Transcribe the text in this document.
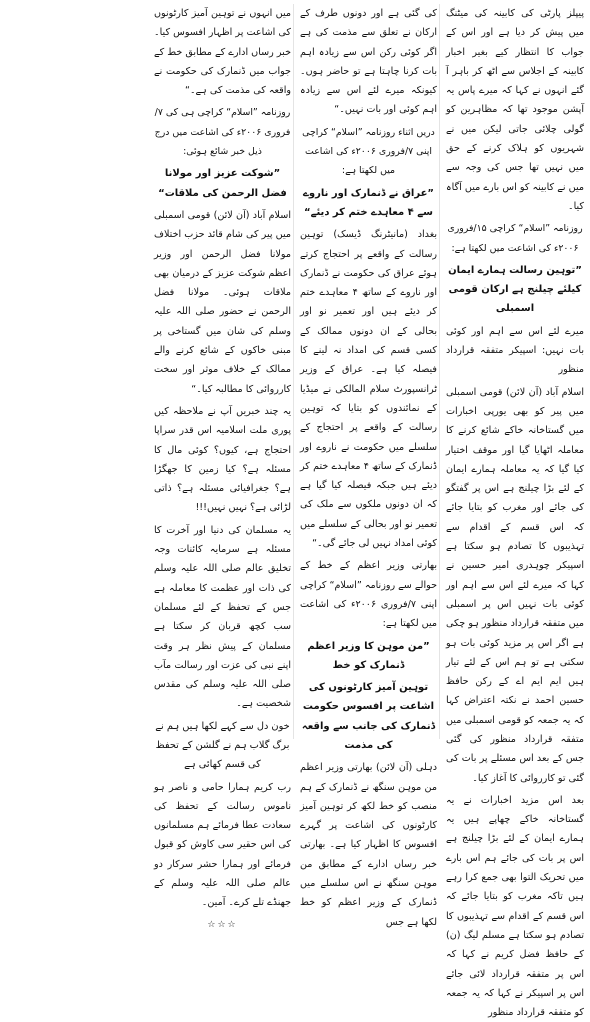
پیپلز پارٹی کی کابینہ کی میٹنگ میں پیش کر دیا ہے اور اس کے جواب کا انتظار کیے بغیر اخبار کابینہ کے اجلاس سے اٹھ کر باہر آ گئے انہوں نے کہا کہ میرے پاس یہ آپشن موجود تھا کہ مظاہرین کو گولی چلائی جاتی لیکن میں نے شہریوں کو ہلاک کرنے کے حق میں نہیں تھا جس کی وجہ سے میں نے کابینہ کو اس بارے میں آگاہ کیا۔

روزنامہ ”اسلام“ کراچی ۱۵/فروری ۲۰۰۶ء کی اشاعت میں لکھتا ہے:

”توہین رسالت ہمارے ایمان کیلئے چیلنج ہے ارکان قومی اسمبلی

میرے لئے اس سے اہم اور کوئی بات نہیں: اسپیکر متفقہ قرارداد منظور

اسلام آباد (آن لائن) قومی اسمبلی میں پیر کو بھی یورپی اخبارات میں گستاخانہ خاکے شائع کرنے کا معاملہ اٹھایا گیا اور موقف اختیار کیا گیا کہ یہ معاملہ ہمارے ایمان کے لئے بڑا چیلنج ہے اس پر گفتگو کی جائے اور مغرب کو بتایا جائے کہ اس قسم کے اقدام سے تہذیبوں کا تصادم ہو سکتا ہے اسپیکر چوہدری امیر حسین نے کہا کہ میرے لئے اس سے اہم اور کوئی بات نہیں اس پر اسمبلی میں متفقہ قرارداد منظور ہو چکی ہے اگر اس پر مزید کوئی بات ہو سکتی ہے تو ہم اس کے لئے تیار ہیں ایم ایم اے کے رکن حافظ حسین احمد نے نکتہ اعتراض کہا کہ یہ جمعہ کو قومی اسمبلی میں متفقہ قرارداد منظور کی گئی جس کے بعد اس مسئلے پر بات کی گئی تو کارروائی کا آغاز کیا۔

بعد اس مزید اخبارات نے یہ گستاخانہ خاکے چھاپے ہیں یہ ہمارے ایمان کے لئے بڑا چیلنج ہے اس پر بات کی جائے ہم اس بارے میں تحریک التوا بھی جمع کرا رہے ہیں تاکہ مغرب کو بتایا جائے کہ اس قسم کے اقدام سے تہذیبوں کا تصادم ہو سکتا ہے مسلم لیگ (ن) کے حافظ فضل کریم نے کہا کہ اس پر متفقہ قرارداد لائی جائے اس پر اسپیکر نے کہا کہ یہ جمعہ کو متفقہ قرارداد منظور

کی گئی ہے اور دونوں طرف کے ارکان نے تعلق سے مذمت کی ہے اگر کوئی رکن اس سے زیادہ اہم بات کرنا چاہتا ہے تو حاضر ہوں۔ کیونکہ میرے لئے اس سے زیادہ اہم کوئی اور بات نہیں۔“

دریں اثناء روزنامہ ”اسلام“ کراچی اپنی ۷/فروری ۲۰۰۶ء کی اشاعت میں لکھتا ہے:

”عراق نے ڈنمارک اور ناروے سے ۴ معاہدے ختم کر دیئے“

بغداد (مانیٹرنگ ڈیسک) توہین رسالت کے واقعے پر احتجاج کرتے ہوئے عراق کی حکومت نے ڈنمارک اور ناروے کے ساتھ ۴ معاہدے ختم کر دیئے ہیں اور تعمیر نو اور بحالی کے ان دونوں ممالک کے کسی قسم کی امداد نہ لینے کا فیصلہ کیا ہے۔ عراق کے وزیر ٹرانسپورٹ سلام المالکی نے میڈیا کے نمائندوں کو بتایا کہ توہین رسالت کے واقعے پر احتجاج کے سلسلے میں حکومت نے ناروے اور ڈنمارک کے ساتھ ۴ معاہدے ختم کر دیئے ہیں جبکہ فیصلہ کیا گیا ہے کہ ان دونوں ملکوں سے ملک کی تعمیر نو اور بحالی کے سلسلے میں کوئی امداد نہیں لی جائے گی۔“

بھارتی وزیر اعظم کے خط کے حوالے سے روزنامہ ”اسلام“ کراچی اپنی ۷/فروری ۲۰۰۶ء کی اشاعت میں لکھتا ہے:

”من موہن کا وزیر اعظم ڈنمارک کو خط

توہین آمیز کارٹونوں کی اشاعت پر افسوس حکومت ڈنمارک کی جانب سے واقعہ کی مذمت

دہلی (آن لائن) بھارتی وزیر اعظم من موہن سنگھ نے ڈنمارک کے ہم منصب کو خط لکھ کر توہین آمیز کارٹونوں کی اشاعت پر گہرے افسوس کا اظہار کیا ہے۔ بھارتی خبر رساں ادارے کے مطابق من موہن سنگھ نے اس سلسلے میں ڈنمارک کے وزیر اعظم کو خط لکھا ہے جس

میں انہوں نے توہین آمیز کارٹونوں کی اشاعت پر اظہار افسوس کیا۔ خبر رساں ادارے کے مطابق خط کے جواب میں ڈنمارک کی حکومت نے واقعہ کی مذمت کی ہے۔“

روزنامہ ”اسلام“ کراچی ہی کی ۷/فروری ۲۰۰۶ء کی اشاعت میں درج ذیل خبر شائع ہوئی:

”شوکت عزیز اور مولانا فضل الرحمن کی ملاقات“

اسلام آباد (آن لائن) قومی اسمبلی میں پیر کی شام قائد حزب اختلاف مولانا فضل الرحمن اور وزیر اعظم شوکت عزیز کے درمیان بھی ملاقات ہوئی۔ مولانا فضل الرحمن نے حضور صلی اللہ علیہ وسلم کی شان میں گستاخی پر مبنی خاکوں کے شائع کرنے والے ممالک کے خلاف موثر اور سخت کارروائی کا مطالبہ کیا۔“

یہ چند خبریں آپ نے ملاحظہ کیں پوری ملت اسلامیہ اس قدر سراپا احتجاج ہے، کیوں؟ کوئی مال کا مسئلہ ہے؟ کیا زمین کا جھگڑا ہے؟ جغرافیائی مسئلہ ہے؟ ذاتی لڑائی ہے؟ نہیں نہیں!!!

یہ مسلمان کی دنیا اور آخرت کا مسئلہ ہے سرمایہ کائنات وجہ تخلیق عالم صلی اللہ علیہ وسلم کی ذات اور عظمت کا معاملہ ہے جس کے تحفظ کے لئے مسلمان سب کچھ قربان کر سکتا ہے مسلمان کے پیش نظر ہر وقت اپنے نبی کی عزت اور رسالت مآب صلی اللہ علیہ وسلم کی مقدس شخصیت ہے۔

خون دل سے کہے لکھا ہیں ہم نے برگ گلاب ہم نے گلشن کے تحفظ کی قسم کھائی ہے

رب کریم ہمارا حامی و ناصر ہو ناموس رسالت کے تحفظ کی سعادت عطا فرمائے ہم مسلمانوں کی اس حقیر سی کاوش کو قبول فرمائے اور ہمارا حشر سرکار دو عالم صلی اللہ علیہ وسلم کے جھنڈے تلے کرے۔ آمین۔

☆☆☆
